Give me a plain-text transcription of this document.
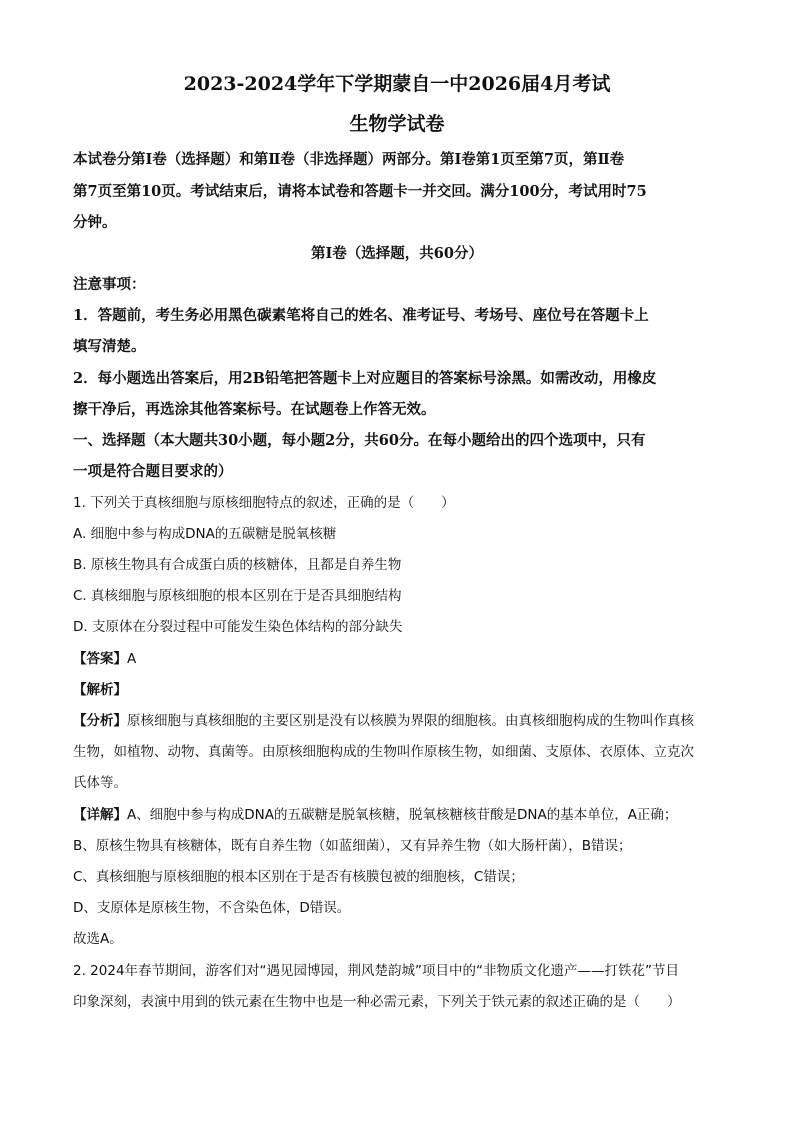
2023-2024学年下学期蒙自一中2026届4月考试
生物学试卷
本试卷分第Ⅰ卷（选择题）和第Ⅱ卷（非选择题）两部分。第Ⅰ卷第1页至第7页，第Ⅱ卷
第7页至第10页。考试结束后，请将本试卷和答题卡一并交回。满分100分，考试用时75
分钟。
第Ⅰ卷（选择题，共60分）
注意事项：
1．答题前，考生务必用黑色碳素笔将自己的姓名、准考证号、考场号、座位号在答题卡上
填写清楚。
2．每小题选出答案后，用2B铅笔把答题卡上对应题目的答案标号涂黑。如需改动，用橡皮
擦干净后，再选涂其他答案标号。在试题卷上作答无效。
一、选择题（本大题共30小题，每小题2分，共60分。在每小题给出的四个选项中，只有
一项是符合题目要求的）
1. 下列关于真核细胞与原核细胞特点的叙述，正确的是（　　）
A. 细胞中参与构成DNA的五碳糖是脱氧核糖
B. 原核生物具有合成蛋白质的核糖体，且都是自养生物
C. 真核细胞与原核细胞的根本区别在于是否具细胞结构
D. 支原体在分裂过程中可能发生染色体结构的部分缺失
【答案】A
【解析】
【分析】原核细胞与真核细胞的主要区别是没有以核膜为界限的细胞核。由真核细胞构成的生物叫作真核
生物，如植物、动物、真菌等。由原核细胞构成的生物叫作原核生物，如细菌、支原体、衣原体、立克次
氏体等。
【详解】A、细胞中参与构成DNA的五碳糖是脱氧核糖，脱氧核糖核苷酸是DNA的基本单位，A正确；
B、原核生物具有核糖体，既有自养生物（如蓝细菌），又有异养生物（如大肠杆菌），B错误；
C、真核细胞与原核细胞的根本区别在于是否有核膜包被的细胞核，C错误；
D、支原体是原核生物，不含染色体，D错误。
故选A。
2. 2024年春节期间，游客们对“遇见园博园，荆风楚韵城”项目中的“非物质文化遗产——打铁花”节目
印象深刻，表演中用到的铁元素在生物中也是一种必需元素，下列关于铁元素的叙述正确的是（　　）
